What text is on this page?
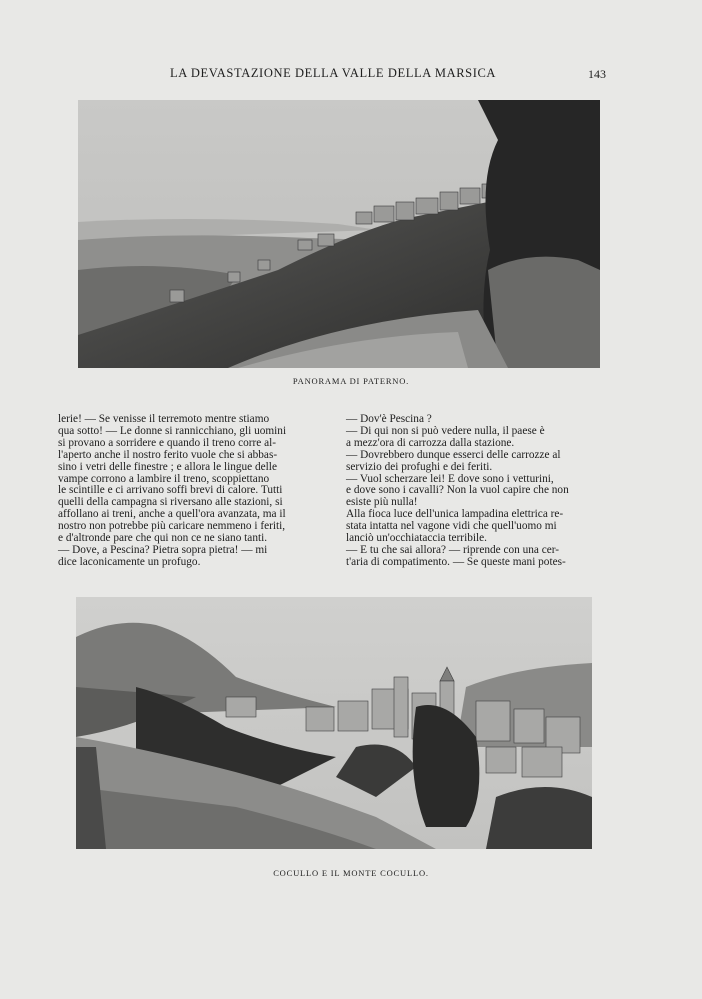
LA DEVASTAZIONE DELLA VALLE DELLA MARSICA	143
PANORAMA DI PATERNO.

lerie! — Se venisse il terremoto mentre stiamo

qua sotto! — Le donne si rannicchiano, gli uomini

si provano a sorridere e quando il treno corre al-

l'aperto anche il nostro ferito vuole che si abbas-

sino i vetri delle finestre ; e allora le lingue delle

vampe corrono a lambire il treno, scoppiettano

le scintille e ci arrivano soffi brevi di calore. Tutti

quelli della campagna si riversano alle stazioni, si

affollano ai treni, anche a quell'ora avanzata, ma il

nostro non potrebbe più caricare nemmeno i feriti,

e d'altronde pare che qui non ce ne siano tanti.

— Dove, a Pescina? Pietra sopra pietra! — mi

dice laconicamente un profugo.

— Dov'è Pescina ?

— Di qui non si può vedere nulla, il paese è

a mezz'ora di carrozza dalla stazione.

— Dovrebbero dunque esserci delle carrozze al

servizio dei profughi e dei feriti.

— Vuol scherzare lei! E dove sono i vetturini,

e dove sono i cavalli? Non la vuol capire che non

esiste più nulla!

Alla fioca luce dell'unica lampadina elettrica re-

stata intatta nel vagone vidi che quell'uomo mi

lanciò un'occhiataccia terribile.

— E tu che sai allora? — riprende con una cer-

t'aria di compatimento. — Se queste mani potes-

COCULLO E IL MONTE COCULLO.
